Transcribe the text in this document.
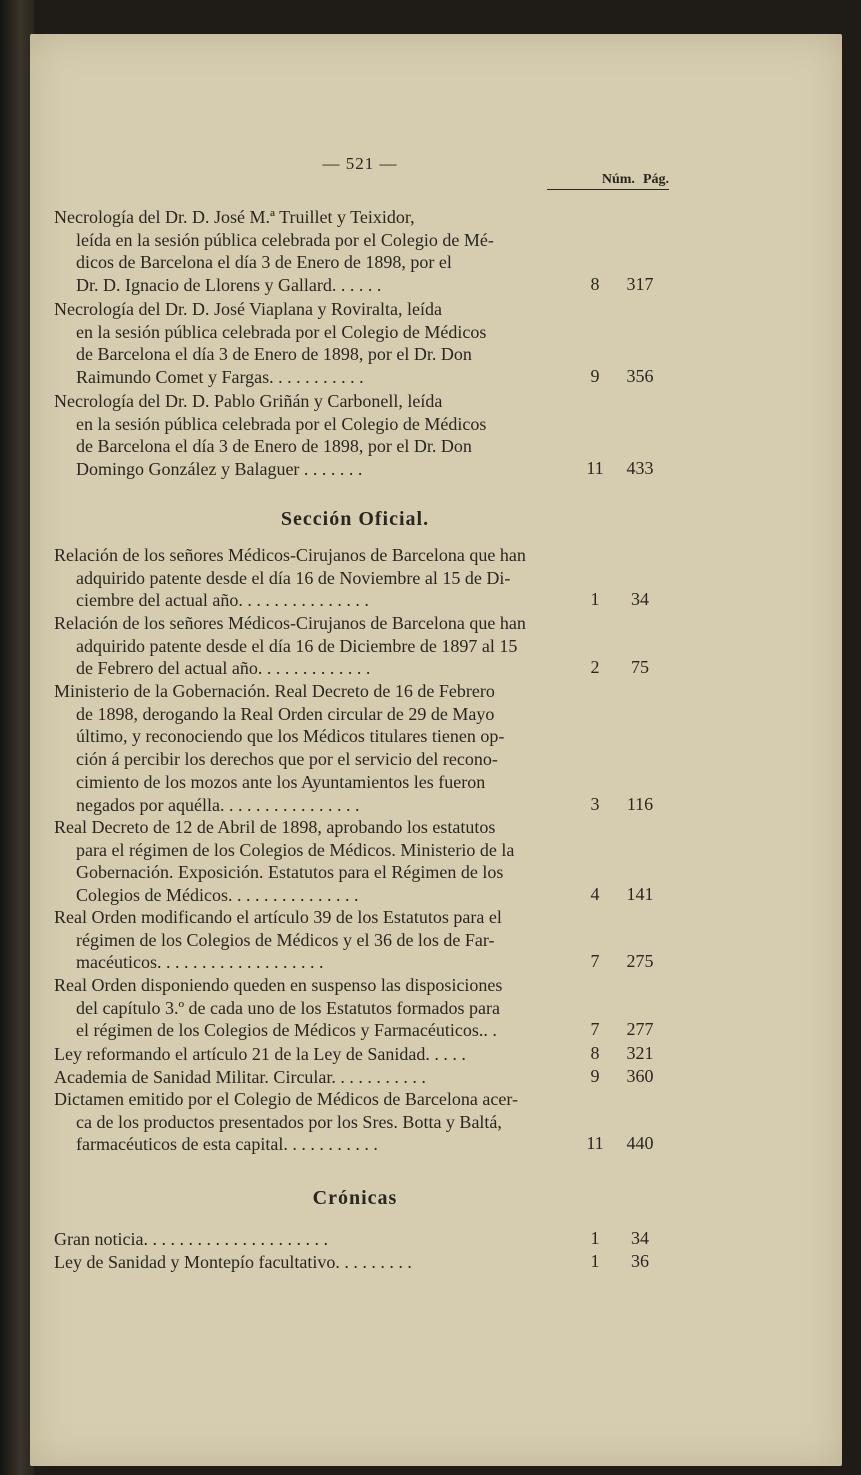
— 521 —
Núm. Pág.
Necrología del Dr. D. José M.ª Truillet y Teixidor,
leída en la sesión pública celebrada por el Colegio de Mé-
dicos de Barcelona el día 3 de Enero de 1898, por el
Dr. D. Ignacio de Llorens y Gallard. . . . . .	8	317
Necrología del Dr. D. José Viaplana y Roviralta, leída
en la sesión pública celebrada por el Colegio de Médicos
de Barcelona el día 3 de Enero de 1898, por el Dr. Don
Raimundo Comet y Fargas. . . . . . . . . . .	9	356
Necrología del Dr. D. Pablo Griñán y Carbonell, leída
en la sesión pública celebrada por el Colegio de Médicos
de Barcelona el día 3 de Enero de 1898, por el Dr. Don
Domingo González y Balaguer . . . . . . .	11	433
Relación de los señores Médicos-Cirujanos de Barcelona que han
adquirido patente desde el día 16 de Noviembre al 15 de Di-
ciembre del actual año. . . . . . . . . . . . . . .	1	34
Relación de los señores Médicos-Cirujanos de Barcelona que han
adquirido patente desde el día 16 de Diciembre de 1897 al 15
de Febrero del actual año. . . . . . . . . . . . .	2	75
Ministerio de la Gobernación. Real Decreto de 16 de Febrero
de 1898, derogando la Real Orden circular de 29 de Mayo
último, y reconociendo que los Médicos titulares tienen op-
ción á percibir los derechos que por el servicio del recono-
cimiento de los mozos ante los Ayuntamientos les fueron
negados por aquélla. . . . . . . . . . . . . . . .	3	116
Real Decreto de 12 de Abril de 1898, aprobando los estatutos
para el régimen de los Colegios de Médicos. Ministerio de la
Gobernación. Exposición. Estatutos para el Régimen de los
Colegios de Médicos. . . . . . . . . . . . . . .	4	141
Real Orden modificando el artículo 39 de los Estatutos para el
régimen de los Colegios de Médicos y el 36 de los de Far-
macéuticos. . . . . . . . . . . . . . . . . . .	7	275
Real Orden disponiendo queden en suspenso las disposiciones
del capítulo 3.º de cada uno de los Estatutos formados para
el régimen de los Colegios de Médicos y Farmacéuticos.. .	7	277
Ley reformando el artículo 21 de la Ley de Sanidad. . . . .	8	321
Academia de Sanidad Militar. Circular. . . . . . . . . . .	9	360
Dictamen emitido por el Colegio de Médicos de Barcelona acer-
ca de los productos presentados por los Sres. Botta y Baltá,
farmacéuticos de esta capital. . . . . . . . . . .	11	440
Gran noticia. . . . . . . . . . . . . . . . . . . . .	1	34
Ley de Sanidad y Montepío facultativo. . . . . . . . .	1	36
Sección Oficial.
Crónicas
